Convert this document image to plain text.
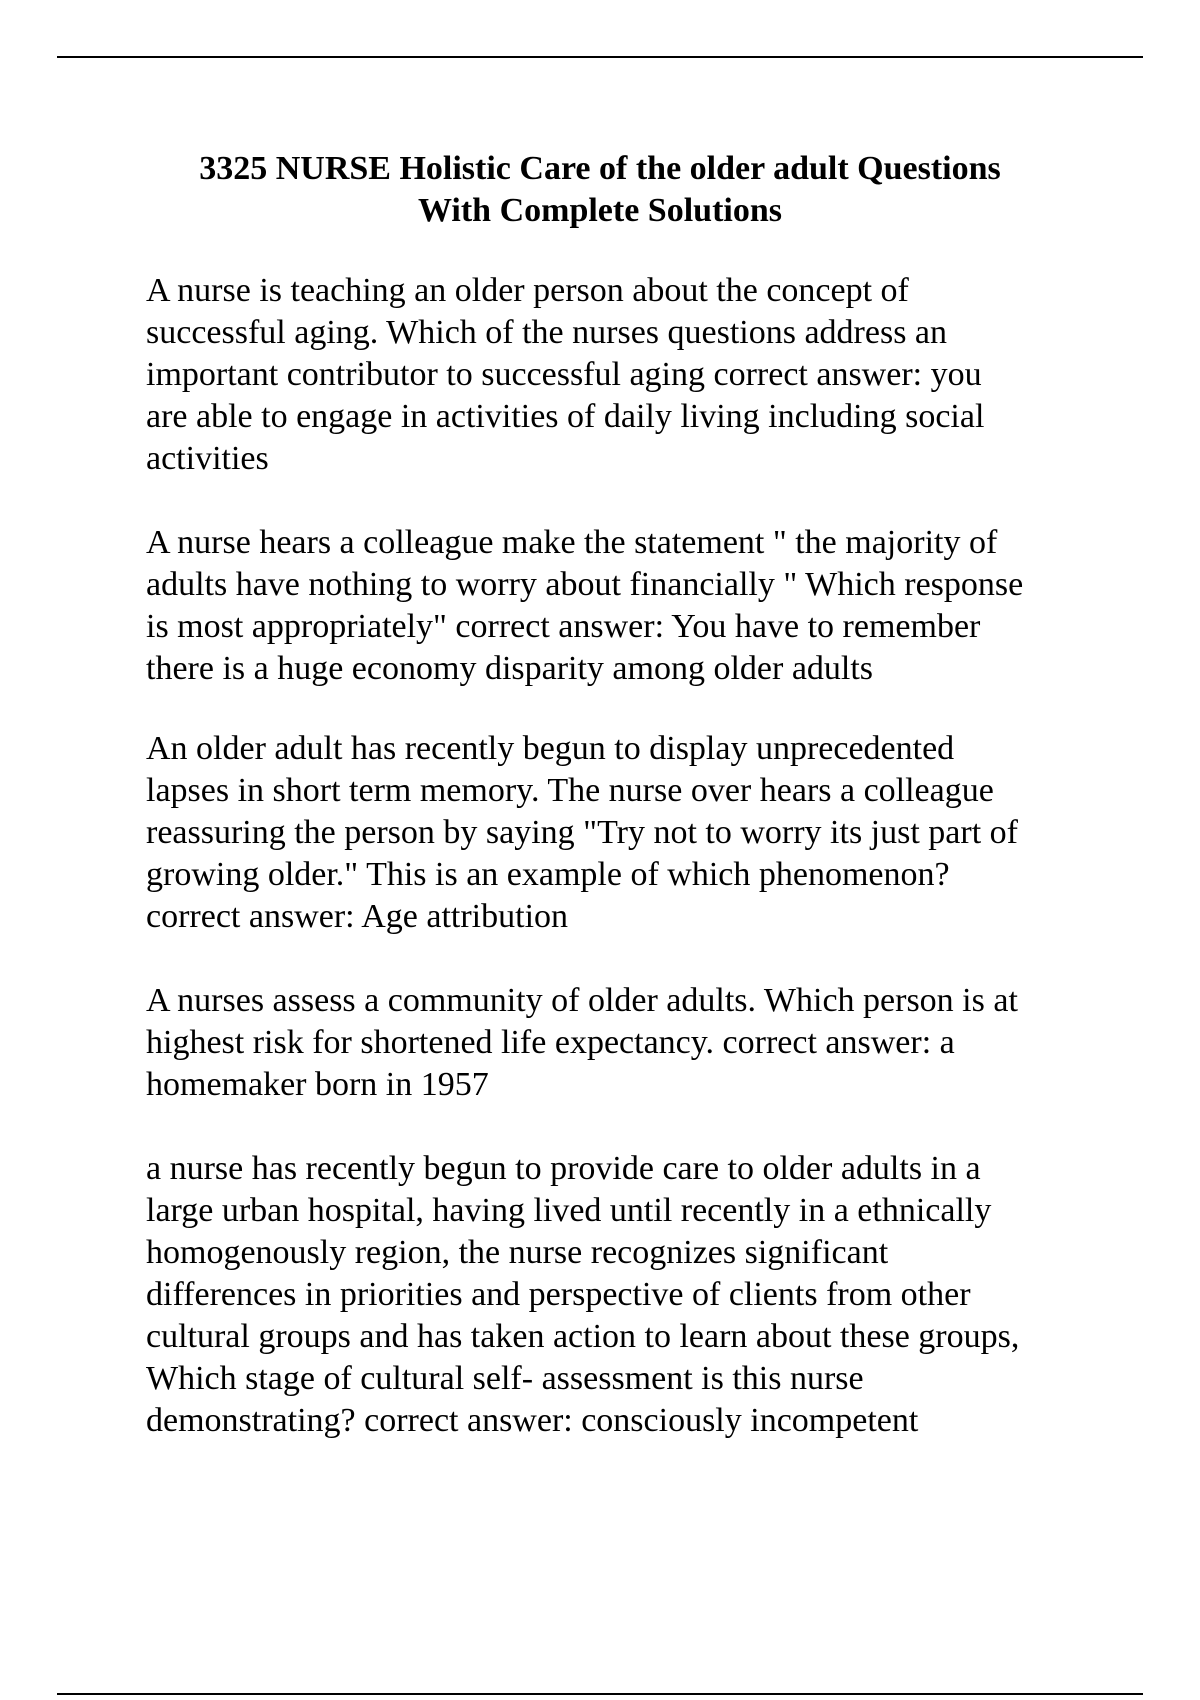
3325 NURSE Holistic Care of the older adult Questions
With Complete Solutions
A nurse is teaching an older person about the concept of
successful aging. Which of the nurses questions address an
important contributor to successful aging correct answer: you
are able to engage in activities of daily living including social
activities
A nurse hears a colleague make the statement " the majority of
adults have nothing to worry about financially " Which response
is most appropriately" correct answer: You have to remember
there is a huge economy disparity among older adults
An older adult has recently begun to display unprecedented
lapses in short term memory. The nurse over hears a colleague
reassuring the person by saying "Try not to worry its just part of
growing older." This is an example of which phenomenon?
correct answer: Age attribution
A nurses assess a community of older adults. Which person is at
highest risk for shortened life expectancy. correct answer: a
homemaker born in 1957
a nurse has recently begun to provide care to older adults in a
large urban hospital, having lived until recently in a ethnically
homogenously region, the nurse recognizes significant
differences in priorities and perspective of clients from other
cultural groups and has taken action to learn about these groups,
Which stage of cultural self- assessment is this nurse
demonstrating? correct answer: consciously incompetent
